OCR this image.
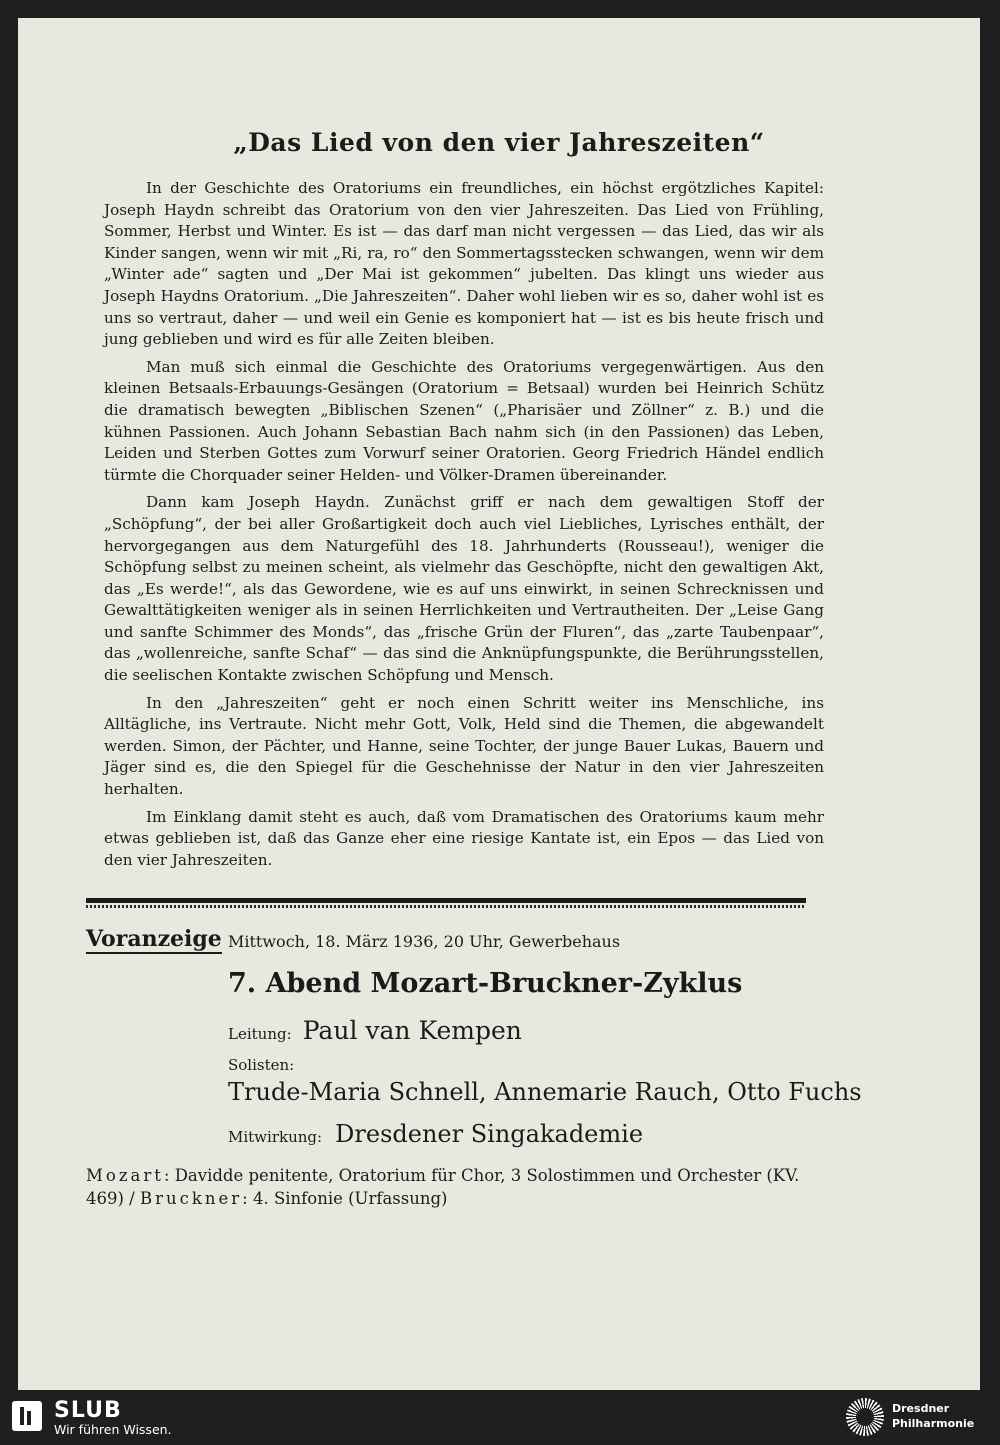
„Das Lied von den vier Jahreszeiten“

In der Geschichte des Oratoriums ein freundliches, ein höchst ergötzliches Kapitel: Joseph Haydn schreibt das Oratorium von den vier Jahreszeiten. Das Lied von Frühling, Sommer, Herbst und Winter. Es ist — das darf man nicht vergessen — das Lied, das wir als Kinder sangen, wenn wir mit „Ri, ra, ro“ den Sommertagsstecken schwangen, wenn wir dem „Winter ade“ sagten und „Der Mai ist gekommen“ jubelten. Das klingt uns wieder aus Joseph Haydns Oratorium. „Die Jahreszeiten“. Daher wohl lieben wir es so, daher wohl ist es uns so vertraut, daher — und weil ein Genie es komponiert hat — ist es bis heute frisch und jung geblieben und wird es für alle Zeiten bleiben.

Man muß sich einmal die Geschichte des Oratoriums vergegenwärtigen. Aus den kleinen Betsaals-Erbauungs-Gesängen (Oratorium = Betsaal) wurden bei Heinrich Schütz die dramatisch bewegten „Biblischen Szenen“ („Pharisäer und Zöllner“ z. B.) und die kühnen Passionen. Auch Johann Sebastian Bach nahm sich (in den Passionen) das Leben, Leiden und Sterben Gottes zum Vorwurf seiner Oratorien. Georg Friedrich Händel endlich türmte die Chorquader seiner Helden- und Völker-Dramen übereinander.

Dann kam Joseph Haydn. Zunächst griff er nach dem gewaltigen Stoff der „Schöpfung“, der bei aller Großartigkeit doch auch viel Liebliches, Lyrisches enthält, der hervorgegangen aus dem Naturgefühl des 18. Jahrhunderts (Rousseau!), weniger die Schöpfung selbst zu meinen scheint, als vielmehr das Geschöpfte, nicht den gewaltigen Akt, das „Es werde!“, als das Gewordene, wie es auf uns einwirkt, in seinen Schrecknissen und Gewalttätigkeiten weniger als in seinen Herrlichkeiten und Vertrautheiten. Der „Leise Gang und sanfte Schimmer des Monds“, das „frische Grün der Fluren“, das „zarte Taubenpaar“, das „wollenreiche, sanfte Schaf“ — das sind die Anknüpfungspunkte, die Berührungsstellen, die seelischen Kontakte zwischen Schöpfung und Mensch.

In den „Jahreszeiten“ geht er noch einen Schritt weiter ins Menschliche, ins Alltägliche, ins Vertraute. Nicht mehr Gott, Volk, Held sind die Themen, die abgewandelt werden. Simon, der Pächter, und Hanne, seine Tochter, der junge Bauer Lukas, Bauern und Jäger sind es, die den Spiegel für die Geschehnisse der Natur in den vier Jahreszeiten herhalten.

Im Einklang damit steht es auch, daß vom Dramatischen des Oratoriums kaum mehr etwas geblieben ist, daß das Ganze eher eine riesige Kantate ist, ein Epos — das Lied von den vier Jahreszeiten.

Voranzeige Mittwoch, 18. März 1936, 20 Uhr, Gewerbehaus
7. Abend Mozart-Bruckner-Zyklus
Leitung: Paul van Kempen
Solisten:
Trude-Maria Schnell, Annemarie Rauch, Otto Fuchs
Mitwirkung: Dresdener Singakademie
Mozart: Davidde penitente, Oratorium für Chor, 3 Solostimmen und Orchester (KV. 469) / Bruckner: 4. Sinfonie (Urfassung)
SLUB
Wir führen Wissen.
Dresdner
Philharmonie
